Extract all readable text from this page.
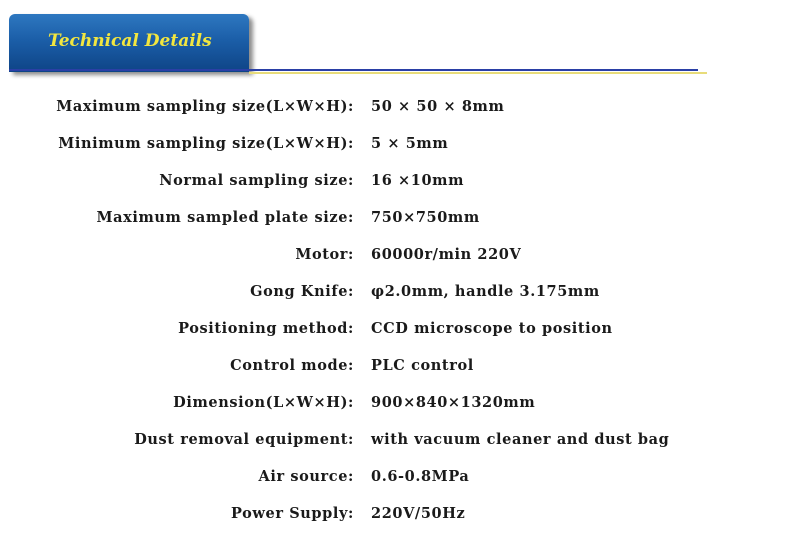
Technical Details
Maximum sampling size(L×W×H): 50 × 50 × 8mm
Minimum sampling size(L×W×H): 5 × 5mm
Normal sampling size: 16 ×10mm
Maximum sampled plate size: 750×750mm
Motor: 60000r/min 220V
Gong Knife: φ2.0mm, handle 3.175mm
Positioning method: CCD microscope to position
Control mode: PLC control
Dimension(L×W×H): 900×840×1320mm
Dust removal equipment: with vacuum cleaner and dust bag
Air source: 0.6-0.8MPa
Power Supply: 220V/50Hz
